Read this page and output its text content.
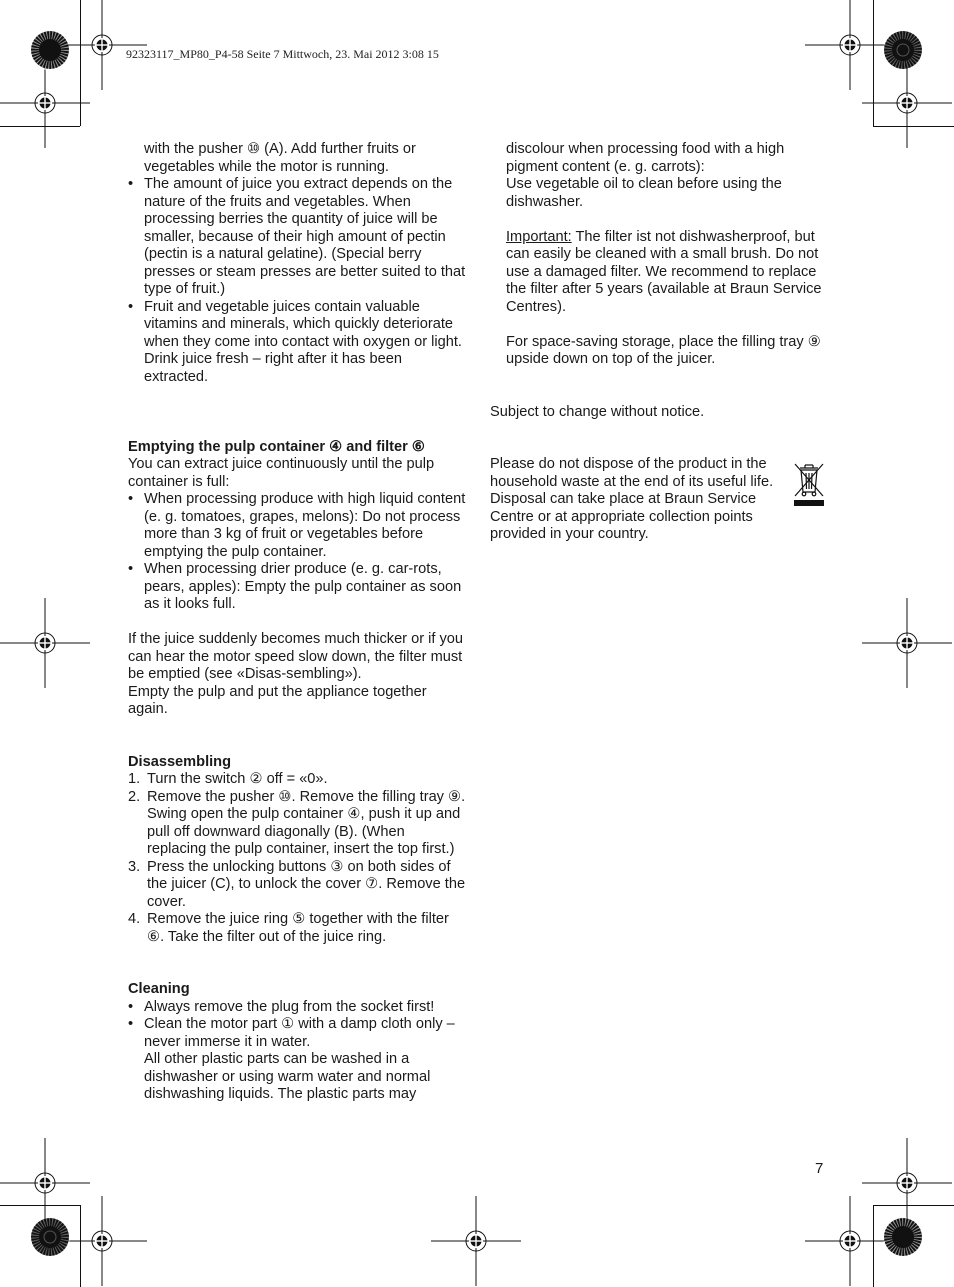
92323117_MP80_P4-58 Seite 7 Mittwoch, 23. Mai 2012 3:08 15
with the pusher ⑩ (A). Add further fruits or
vegetables while the motor is running.
• The amount of juice you extract depends on the nature of the fruits and vegetables. When processing berries the quantity of juice will be smaller, because of their high amount of pectin (pectin is a natural gelatine). (Special berry presses or steam presses are better suited to that type of fruit.)
• Fruit and vegetable juices contain valuable vitamins and minerals, which quickly deteriorate when they come into contact with oxygen or light. Drink juice fresh – right after it has been extracted.
Emptying the pulp container ④ and filter ⑥
You can extract juice continuously until the pulp container is full:
• When processing produce with high liquid content (e. g. tomatoes, grapes, melons): Do not process more than 3 kg of fruit or vegetables before emptying the pulp container.
• When processing drier produce (e. g. car-rots, pears, apples): Empty the pulp container as soon as it looks full.
If the juice suddenly becomes much thicker or if you can hear the motor speed slow down, the filter must be emptied (see «Disas-sembling»).
Empty the pulp and put the appliance together again.
Disassembling
1. Turn the switch ② off = «0».
2. Remove the pusher ⑩. Remove the filling tray ⑨. Swing open the pulp container ④, push it up and pull off downward diagonally (B). (When replacing the pulp container, insert the top first.)
3. Press the unlocking buttons ③ on both sides of the juicer (C), to unlock the cover ⑦. Remove the cover.
4. Remove the juice ring ⑤ together with the filter ⑥. Take the filter out of the juice ring.
Cleaning
• Always remove the plug from the socket first!
• Clean the motor part ① with a damp cloth only – never immerse it in water.
All other plastic parts can be washed in a dishwasher or using warm water and normal dishwashing liquids. The plastic parts may
discolour when processing food with a high pigment content (e. g. carrots):
Use vegetable oil to clean before using the dishwasher.
Important: The filter ist not dishwasherproof, but can easily be cleaned with a small brush. Do not use a damaged filter. We recommend to replace the filter after 5 years (available at Braun Service Centres).
For space-saving storage, place the filling tray ⑨ upside down on top of the juicer.
Subject to change without notice.
Please do not dispose of the product in the household waste at the end of its useful life. Disposal can take place at Braun Service Centre or at appropriate collection points provided in your country.
7
